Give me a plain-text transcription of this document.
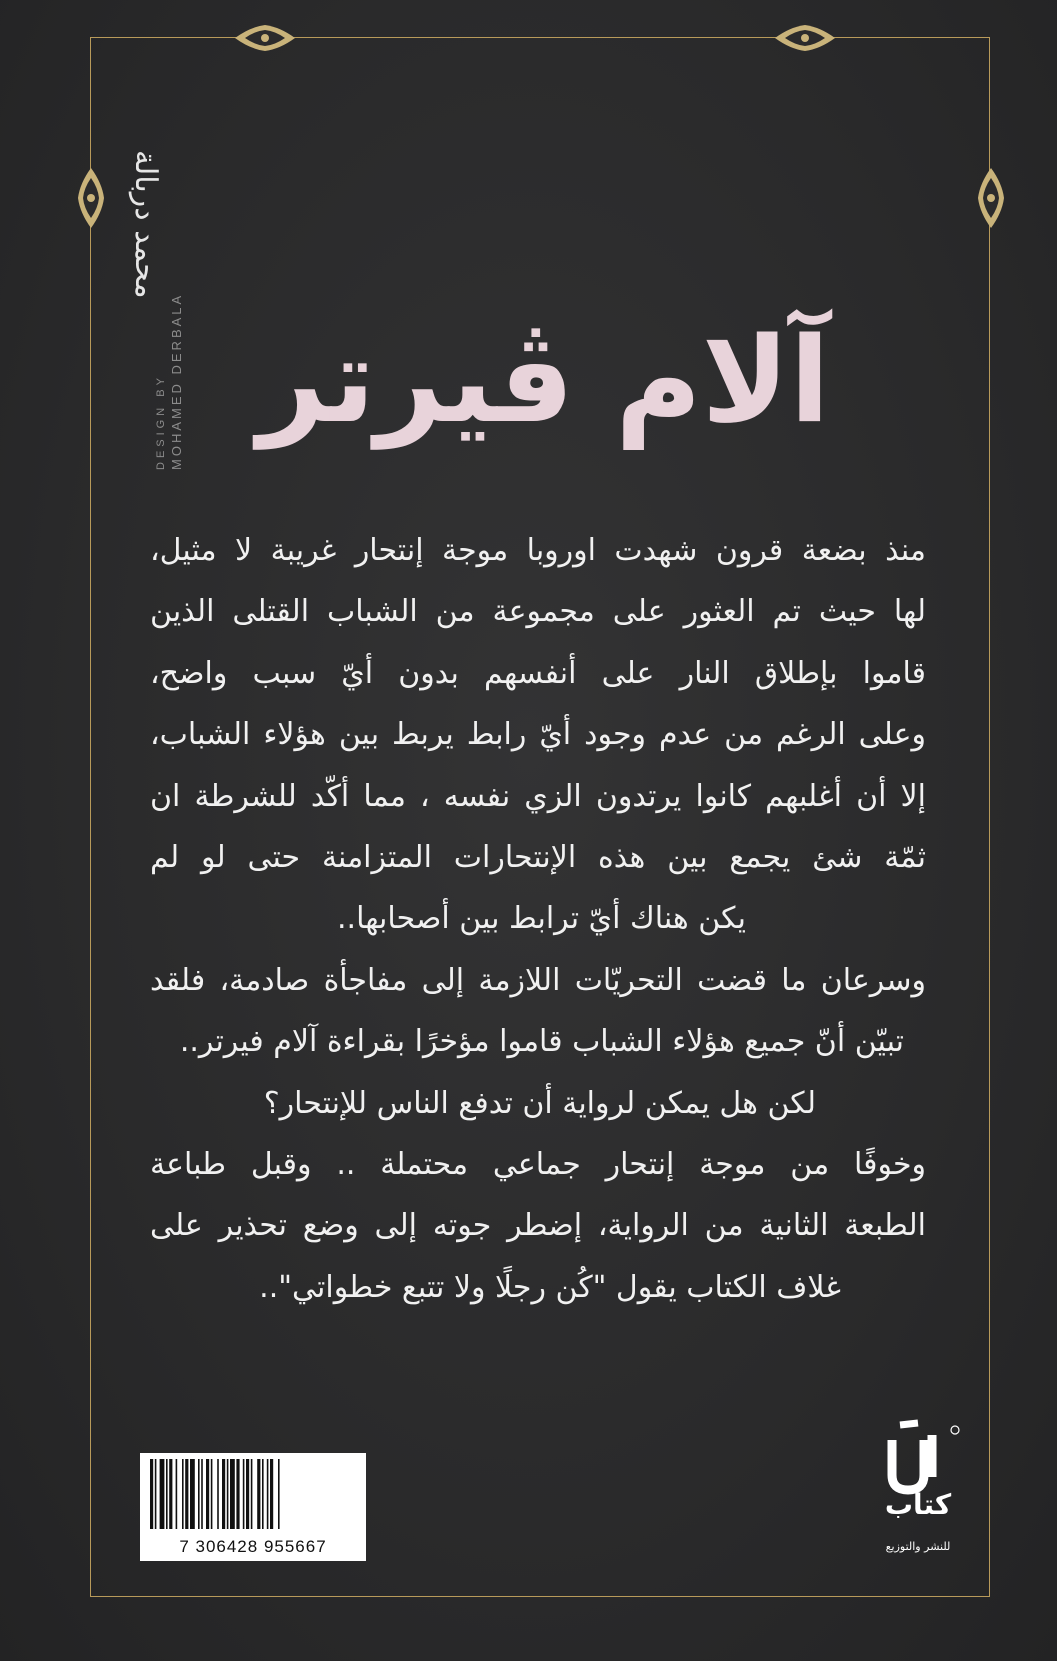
محمد دربالة
DESIGN BY MOHAMED DERBALA آلام ڤيرتر
منذ بضعة قرون شهدت اوروبا موجة إنتحار غريبة لا مثيل،
لها حيث تم العثور على مجموعة من الشباب القتلى الذين
قاموا بإطلاق النار على أنفسهم بدون أيّ سبب واضح،
وعلى الرغم من عدم وجود أيّ رابط يربط بين هؤلاء الشباب،
إلا أن أغلبهم كانوا يرتدون الزي نفسه ، مما أكّد للشرطة ان
ثمّة شئ يجمع بين هذه الإنتحارات المتزامنة حتى لو لم
يكن هناك أيّ ترابط بين أصحابها..
وسرعان ما قضت التحريّات اللازمة إلى مفاجأة صادمة، فلقد
تبيّن أنّ جميع هؤلاء الشباب قاموا مؤخرًا بقراءة آلام فيرتر..
لكن هل يمكن لرواية أن تدفع الناس للإنتحار؟
وخوفًا من موجة إنتحار جماعي محتملة .. وقبل طباعة
الطبعة الثانية من الرواية، إضطر جوته إلى وضع تحذير على
غلاف الكتاب يقول "كُن رجلًا ولا تتبع خطواتي"..
7 306428 955667
كتاب
للنشر والتوزيع
